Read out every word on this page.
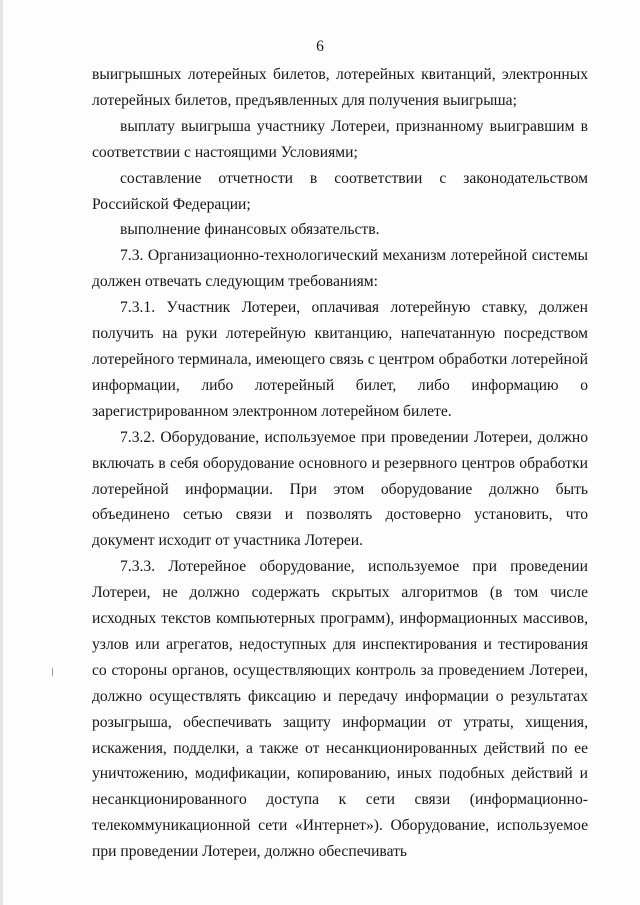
6

выигрышных лотерейных билетов, лотерейных квитанций, электронных лотерейных билетов, предъявленных для получения выигрыша;

выплату выигрыша участнику Лотереи, признанному выигравшим в соответствии с настоящими Условиями;

составление отчетности в соответствии с законодательством Российской Федерации;

выполнение финансовых обязательств.

7.3. Организационно-технологический механизм лотерейной системы должен отвечать следующим требованиям:

7.3.1. Участник Лотереи, оплачивая лотерейную ставку, должен получить на руки лотерейную квитанцию, напечатанную посредством лотерейного терминала, имеющего связь с центром обработки лотерейной информации, либо лотерейный билет, либо информацию о зарегистрированном электронном лотерейном билете.

7.3.2. Оборудование, используемое при проведении Лотереи, должно включать в себя оборудование основного и резервного центров обработки лотерейной информации. При этом оборудование должно быть объединено сетью связи и позволять достоверно установить, что документ исходит от участника Лотереи.

7.3.3. Лотерейное оборудование, используемое при проведении Лотереи, не должно содержать скрытых алгоритмов (в том числе исходных текстов компьютерных программ), информационных массивов, узлов или агрегатов, недоступных для инспектирования и тестирования со стороны органов, осуществляющих контроль за проведением Лотереи, должно осуществлять фиксацию и передачу информации о результатах розыгрыша, обеспечивать защиту информации от утраты, хищения, искажения, подделки, а также от несанкционированных действий по ее уничтожению, модификации, копированию, иных подобных действий и несанкционированного доступа к сети связи (информационно-телекоммуникационной сети «Интернет»). Оборудование, используемое при проведении Лотереи, должно обеспечивать
